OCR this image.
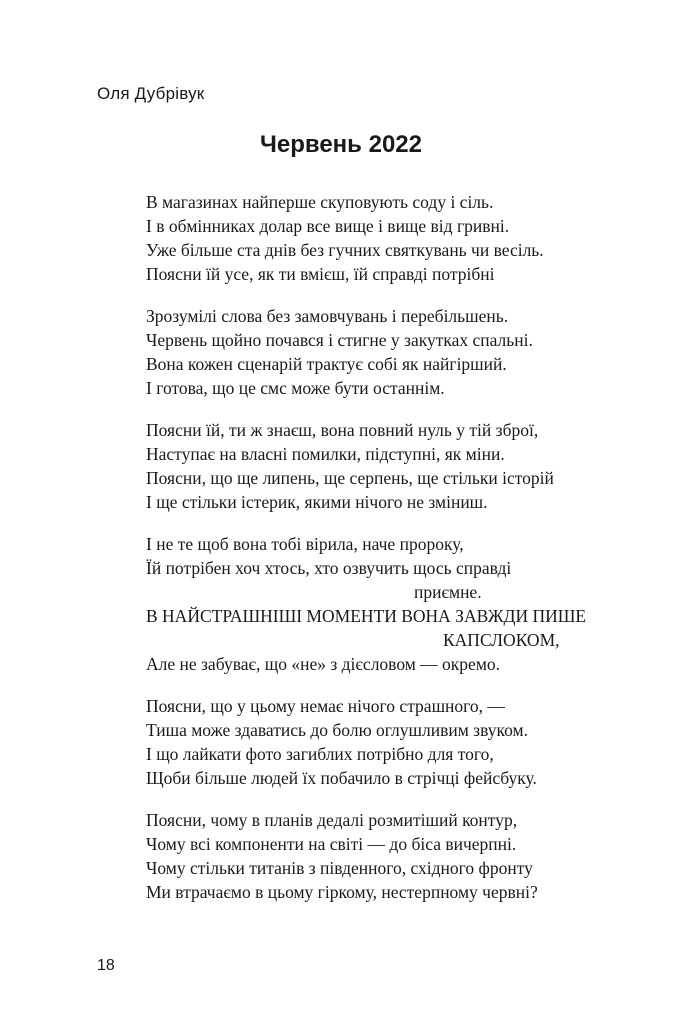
Оля Дубрівук
Червень 2022
В магазинах найперше скуповують соду і сіль.
І в обмінниках долар все вище і вище від гривні.
Уже більше ста днів без гучних святкувань чи весіль.
Поясни їй усе, як ти вмієш, їй справді потрібні
Зрозумілі слова без замовчувань і перебільшень.
Червень щойно почався і стигне у закутках спальні.
Вона кожен сценарій трактує собі як найгірший.
І готова, що це смс може бути останнім.
Поясни їй, ти ж знаєш, вона повний нуль у тій зброї,
Наступає на власні помилки, підступні, як міни.
Поясни, що ще липень, ще серпень, ще стільки історій
І ще стільки істерик, якими нічого не зміниш.
І не те щоб вона тобі вірила, наче пророку,
Їй потрібен хоч хтось, хто озвучить щось справді
приємне.
В НАЙСТРАШНІШІ МОМЕНТИ ВОНА ЗАВЖДИ ПИШЕ
КАПСЛОКОМ,
Але не забуває, що «не» з дієсловом — окремо.
Поясни, що у цьому немає нічого страшного, —
Тиша може здаватись до болю оглушливим звуком.
І що лайкати фото загиблих потрібно для того,
Щоби більше людей їх побачило в стрічці фейсбуку.
Поясни, чому в планів дедалі розмитіший контур,
Чому всі компоненти на світі — до біса вичерпні.
Чому стільки титанів з південного, східного фронту
Ми втрачаємо в цьому гіркому, нестерпному червні?
18
